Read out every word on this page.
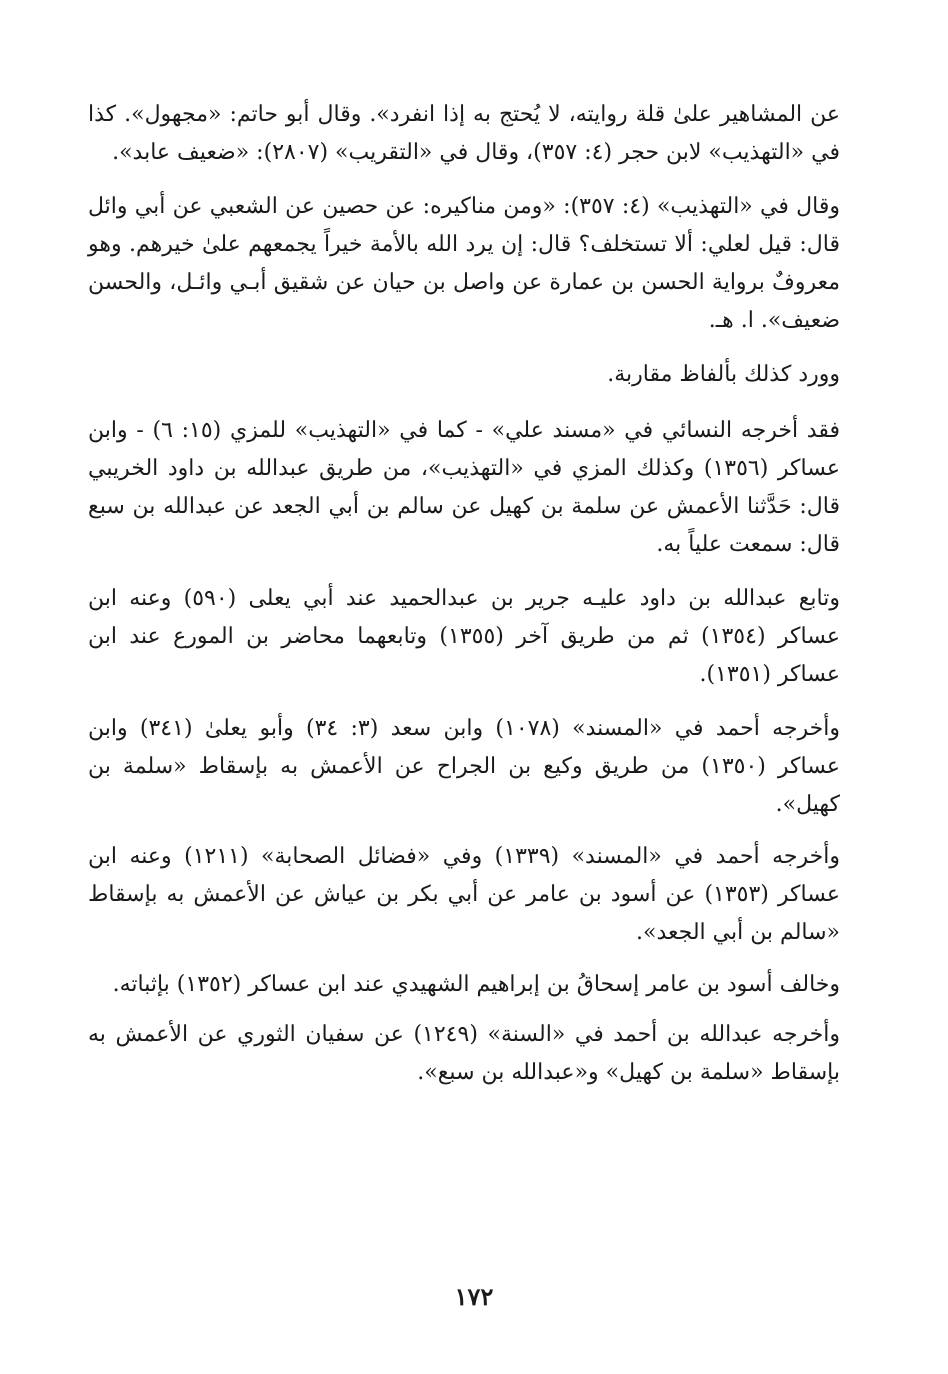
عن المشاهير علىٰ قلة روايته، لا يُحتج به إذا انفرد». وقال أبو حاتم: «مجهول». كذا في «التهذيب» لابن حجر (٤: ٣٥٧)، وقال في «التقريب» (٢٨٠٧): «ضعيف عابد».

وقال في «التهذيب» (٤: ٣٥٧): «ومن مناكيره: عن حصين عن الشعبي عن أبي وائل قال: قيل لعلي: ألا تستخلف؟ قال: إن يرد الله بالأمة خيراً يجمعهم علىٰ خيرهم. وهو معروفٌ برواية الحسن بن عمارة عن واصل بن حيان عن شقيق أبـي وائـل، والحسن ضعيف». ا. هـ.

وورد كذلك بألفاظ مقاربة.

فقد أخرجه النسائي في «مسند علي» - كما في «التهذيب» للمزي (١٥: ٦) - وابن عساكر (١٣٥٦) وكذلك المزي في «التهذيب»، من طريق عبدالله بن داود الخريبي قال: حَدَّثنا الأعمش عن سلمة بن كهيل عن سالم بن أبي الجعد عن عبدالله بن سبع قال: سمعت علياً به.

وتابع عبدالله بن داود عليـه جرير بن عبدالحميد عند أبي يعلى (٥٩٠) وعنه ابن عساكر (١٣٥٤) ثم من طريق آخر (١٣٥٥) وتابعهما محاضر بن المورع عند ابن عساكر (١٣٥١).

وأخرجه أحمد في «المسند» (١٠٧٨) وابن سعد (٣: ٣٤) وأبو يعلىٰ (٣٤١) وابن عساكر (١٣٥٠) من طريق وكيع بن الجراح عن الأعمش به بإسقاط «سلمة بن كهيل».

وأخرجه أحمد في «المسند» (١٣٣٩) وفي «فضائل الصحابة» (١٢١١) وعنه ابن عساكر (١٣٥٣) عن أسود بن عامر عن أبي بكر بن عياش عن الأعمش به بإسقاط «سالم بن أبي الجعد».

وخالف أسود بن عامر إسحاقُ بن إبراهيم الشهيدي عند ابن عساكر (١٣٥٢) بإثباته.

وأخرجه عبدالله بن أحمد في «السنة» (١٢٤٩) عن سفيان الثوري عن الأعمش به بإسقاط «سلمة بن كهيل» و«عبدالله بن سبع».

١٧٢
